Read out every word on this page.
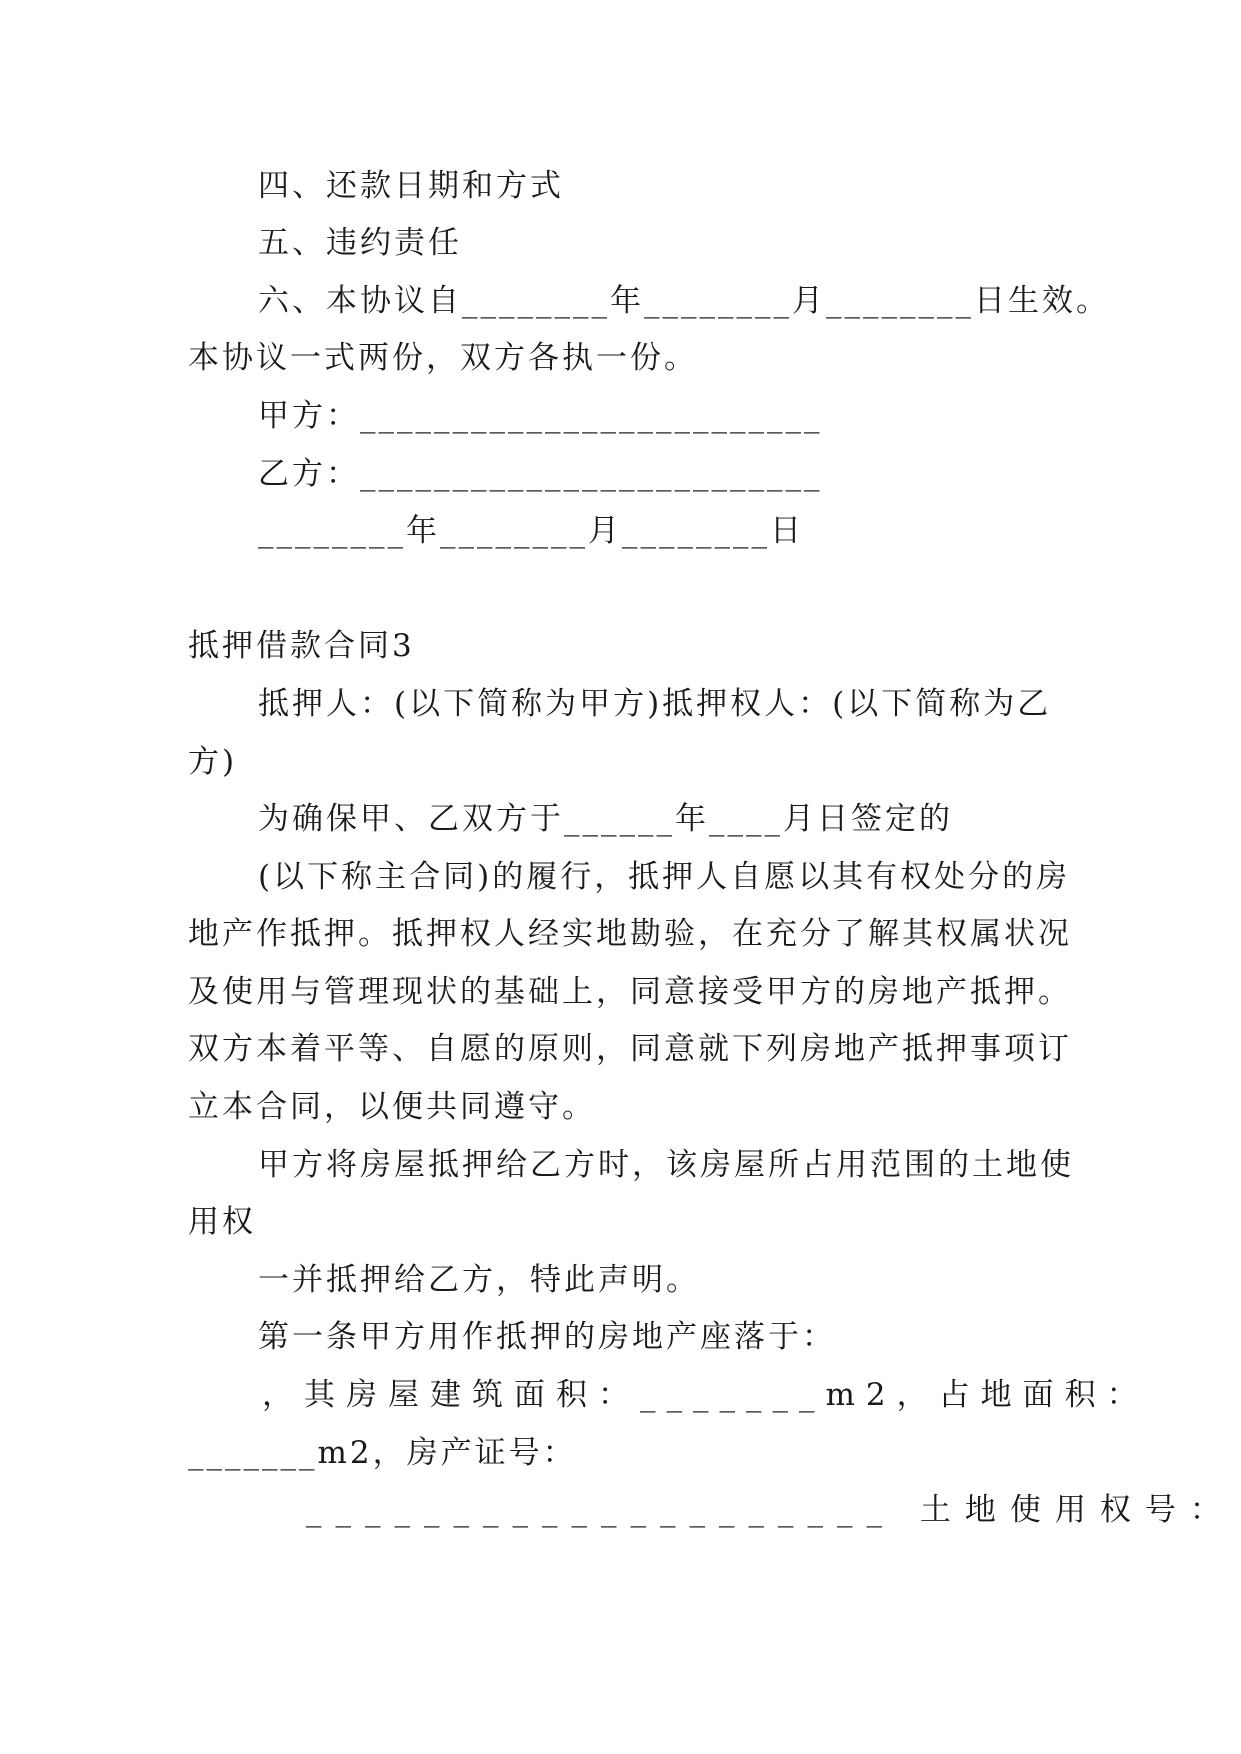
四、还款日期和方式
五、违约责任
六、本协议自________年________月________日生效。
本协议一式两份，双方各执一份。
甲方：_________________________
乙方：_________________________
________年________月________日
抵押借款合同3
抵押人：(以下简称为甲方)抵押权人：(以下简称为乙
方)
为确保甲、乙双方于______年____月日签定的
(以下称主合同)的履行，抵押人自愿以其有权处分的房
地产作抵押。抵押权人经实地勘验，在充分了解其权属状况
及使用与管理现状的基础上，同意接受甲方的房地产抵押。
双方本着平等、自愿的原则，同意就下列房地产抵押事项订
立本合同，以便共同遵守。
甲方将房屋抵押给乙方时，该房屋所占用范围的土地使
用权
一并抵押给乙方，特此声明。
第一条甲方用作抵押的房地产座落于：
，其房屋建筑面积：_______m2，占地面积：
_______m2，房产证号：
____________________ 土地使用权号：
